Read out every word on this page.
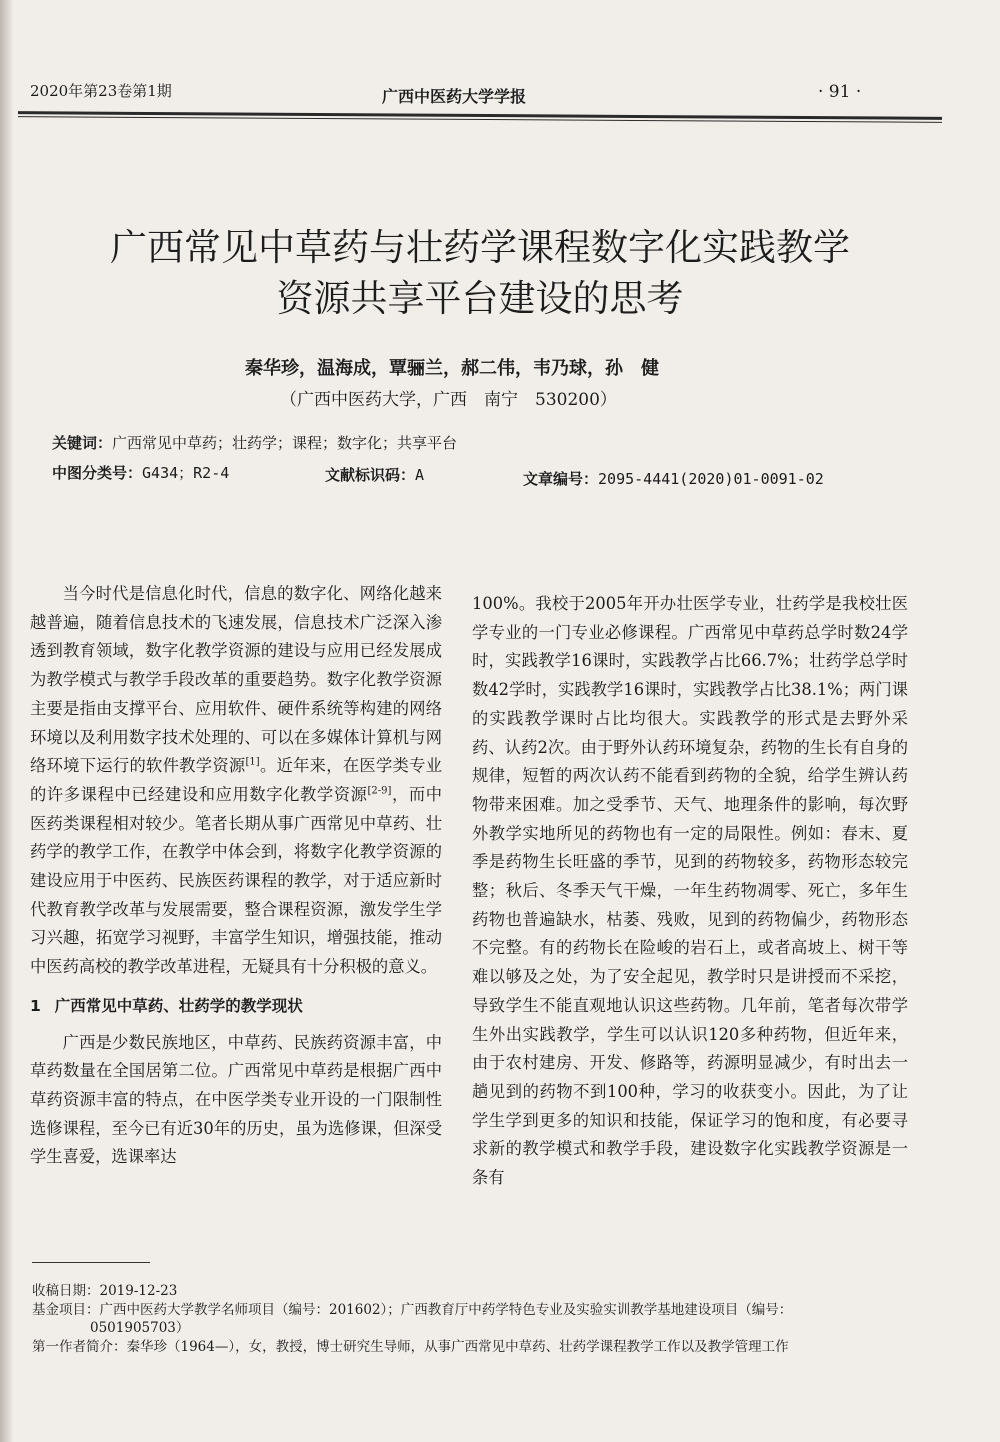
2020年第23卷第1期	广西中医药大学学报	· 91 ·
广西常见中草药与壮药学课程数字化实践教学
资源共享平台建设的思考
秦华珍，温海成，覃骊兰，郝二伟，韦乃球，孙　健
（广西中医药大学，广西　南宁　530200）
关键词：广西常见中草药；壮药学；课程；数字化；共享平台
中图分类号：G434；R2-4	文献标识码：A	文章编号：2095-4441(2020)01-0091-02

当今时代是信息化时代，信息的数字化、网络化越来越普遍，随着信息技术的飞速发展，信息技术广泛深入渗透到教育领域，数字化教学资源的建设与应用已经发展成为教学模式与教学手段改革的重要趋势。数字化教学资源主要是指由支撑平台、应用软件、硬件系统等构建的网络环境以及利用数字技术处理的、可以在多媒体计算机与网络环境下运行的软件教学资源[1]。近年来，在医学类专业的许多课程中已经建设和应用数字化教学资源[2-9]，而中医药类课程相对较少。笔者长期从事广西常见中草药、壮药学的教学工作，在教学中体会到，将数字化教学资源的建设应用于中医药、民族医药课程的教学，对于适应新时代教育教学改革与发展需要，整合课程资源，激发学生学习兴趣，拓宽学习视野，丰富学生知识，增强技能，推动中医药高校的教学改革进程，无疑具有十分积极的意义。

1 广西常见中草药、壮药学的教学现状

广西是少数民族地区，中草药、民族药资源丰富，中草药数量在全国居第二位。广西常见中草药是根据广西中草药资源丰富的特点，在中医学类专业开设的一门限制性选修课程，至今已有近30年的历史，虽为选修课，但深受学生喜爱，选课率达

100%。我校于2005年开办壮医学专业，壮药学是我校壮医学专业的一门专业必修课程。广西常见中草药总学时数24学时，实践教学16课时，实践教学占比66.7%；壮药学总学时数42学时，实践教学16课时，实践教学占比38.1%；两门课的实践教学课时占比均很大。实践教学的形式是去野外采药、认药2次。由于野外认药环境复杂，药物的生长有自身的规律，短暂的两次认药不能看到药物的全貌，给学生辨认药物带来困难。加之受季节、天气、地理条件的影响，每次野外教学实地所见的药物也有一定的局限性。例如：春末、夏季是药物生长旺盛的季节，见到的药物较多，药物形态较完整；秋后、冬季天气干燥，一年生药物凋零、死亡，多年生药物也普遍缺水，枯萎、残败，见到的药物偏少，药物形态不完整。有的药物长在险峻的岩石上，或者高坡上、树干等难以够及之处，为了安全起见，教学时只是讲授而不采挖，导致学生不能直观地认识这些药物。几年前，笔者每次带学生外出实践教学，学生可以认识120多种药物，但近年来，由于农村建房、开发、修路等，药源明显减少，有时出去一趟见到的药物不到100种，学习的收获变小。因此，为了让学生学到更多的知识和技能，保证学习的饱和度，有必要寻求新的教学模式和教学手段，建设数字化实践教学资源是一条有

收稿日期：2019-12-23
基金项目：广西中医药大学教学名师项目（编号：201602）；广西教育厅中药学特色专业及实验实训教学基地建设项目（编号：
0501905703）
第一作者简介：秦华珍（1964—），女，教授，博士研究生导师，从事广西常见中草药、壮药学课程教学工作以及教学管理工作
